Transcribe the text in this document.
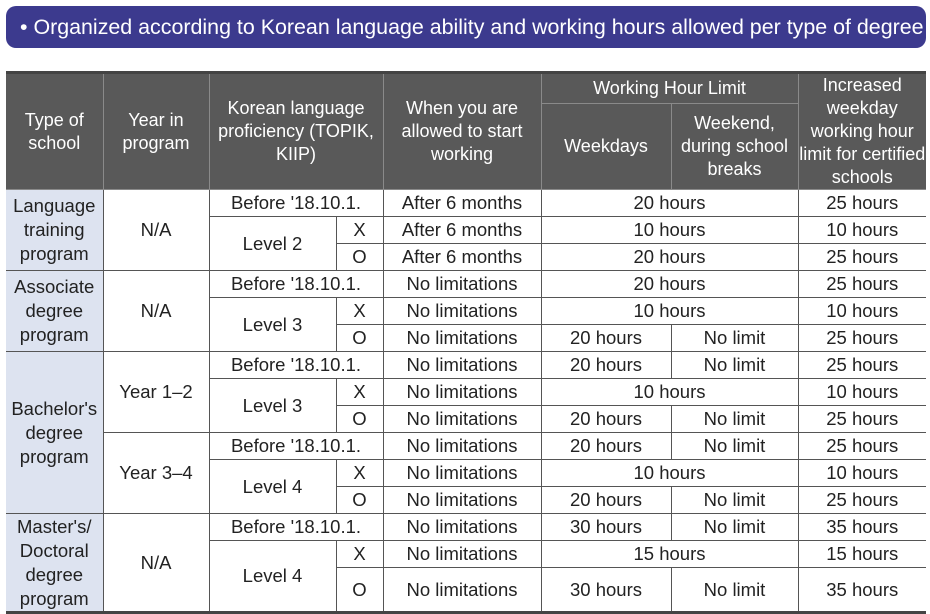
• Organized according to Korean language ability and working hours allowed per type of degree
Type of school	Year in program	Korean language proficiency (TOPIK, KIIP)		When you are allowed to start working	Working Hour Limit		Increased weekday working hour limit for certified schools
					Weekdays	Weekend, during school breaks	
Language training program	N/A	Before '18.10.1.		After 6 months	20 hours		25 hours
		Level 2	X	After 6 months	10 hours		10 hours
			O	After 6 months	20 hours		25 hours
Associate degree program	N/A	Before '18.10.1.		No limitations	20 hours		25 hours
		Level 3	X	No limitations	10 hours		10 hours
			O	No limitations	20 hours	No limit	25 hours
Bachelor's degree program	Year 1–2	Before '18.10.1.		No limitations	20 hours	No limit	25 hours
		Level 3	X	No limitations	10 hours		10 hours
			O	No limitations	20 hours	No limit	25 hours
	Year 3–4	Before '18.10.1.		No limitations	20 hours	No limit	25 hours
		Level 4	X	No limitations	10 hours		10 hours
			O	No limitations	20 hours	No limit	25 hours
Master's/ Doctoral degree program	N/A	Before '18.10.1.		No limitations	30 hours	No limit	35 hours
		Level 4	X	No limitations	15 hours		15 hours
			O	No limitations	30 hours	No limit	35 hours
